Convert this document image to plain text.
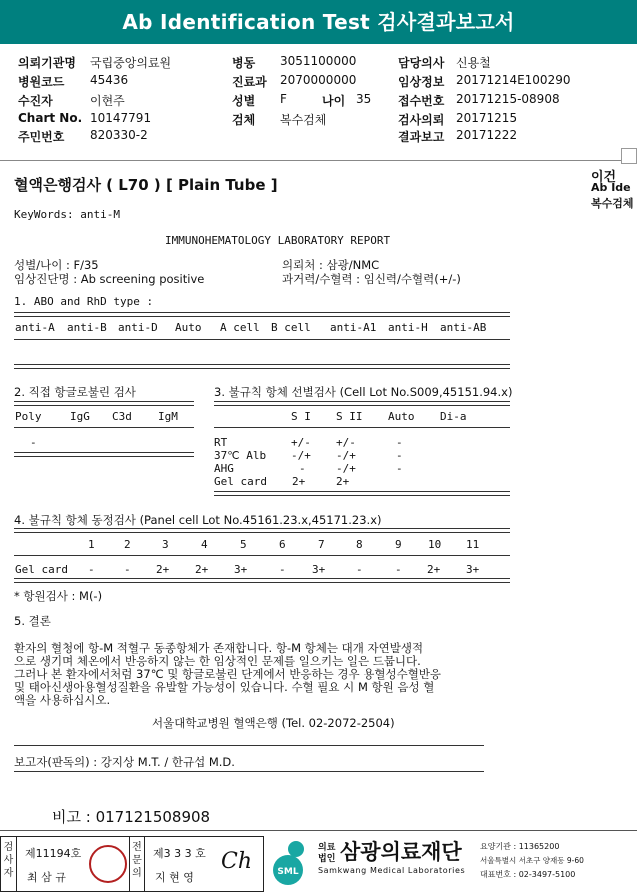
Ab Identification Test 검사결과보고서
의뢰기관명 국립중앙의료원
병원코드 45436
수진자	이현주
Chart No. 10147791
주민번호 820330-2
병동 3051100000
진료과 2070000000
성별 F	나이 35
검체 복수검체
담당의사 신용철
임상정보 20171214E100290
접수번호 20171215-08908
검사의뢰 20171215
결과보고 20171222
혈액은행검사 ( L70 ) [ Plain Tube ]	이건
Ab Ide
복수검체
KeyWords: anti-M
IMMUNOHEMATOLOGY LABORATORY REPORT
성별/나이 : F/35	의뢰처 : 삼광/NMC
임상진단명 : Ab screening positive	과거력/수혈력 : 임신력/수혈력(+/-)
1. ABO and RhD type :
anti-A anti-B anti-D Auto A cell B cell anti-A1 anti-H anti-AB
2. 직접 항글로불린 검사
Poly	IgG C3d IgM
-
3. 불규칙 항체 선별검사 (Cell Lot No.S009,45151.94.x)
S I S II Auto Di-a
RT	+/- +/-	-
37℃ Alb -/+ -/+	-
AHG	-	-/+	-
Gel card 2+	2+
4. 불규칙 항체 동정검사 (Panel cell Lot No.45161.23.x,45171.23.x)
1	2	3	4	5	6	7	8	9 10 11
Gel card -	- 2+ 2+ 3+	- 3+	-	- 2+ 3+
* 항원검사 : M(-)
5. 결론
환자의 혈청에 항-M 적혈구 동종항체가 존재합니다. 항-M 항체는 대개 자연발생적
으로 생기며 체온에서 반응하지 않는 한 임상적인 문제를 일으키는 일은 드뭅니다.
그러나 본 환자에서처럼 37℃ 및 항글로불린 단계에서 반응하는 경우 용혈성수혈반응
및 태아신생아용혈성질환을 유발할 가능성이 있습니다. 수혈 필요 시 M 항원 음성 혈
액을 사용하십시오.
서울대학교병원 혈액은행 (Tel. 02-2072-2504)
보고자(판독의) : 강지상 M.T. / 한규섭 M.D.
비고 : 017121508908
검사자
제11194호
최 삼 규
전문의
제3 3 3 호
지 현 영
Ch	SML
의료
법인 삼광의료재단
Samkwang Medical Laboratories
요양기관 : 11365200
서울특별시 서초구 양재동 9-60
대표번호 : 02-3497-5100
